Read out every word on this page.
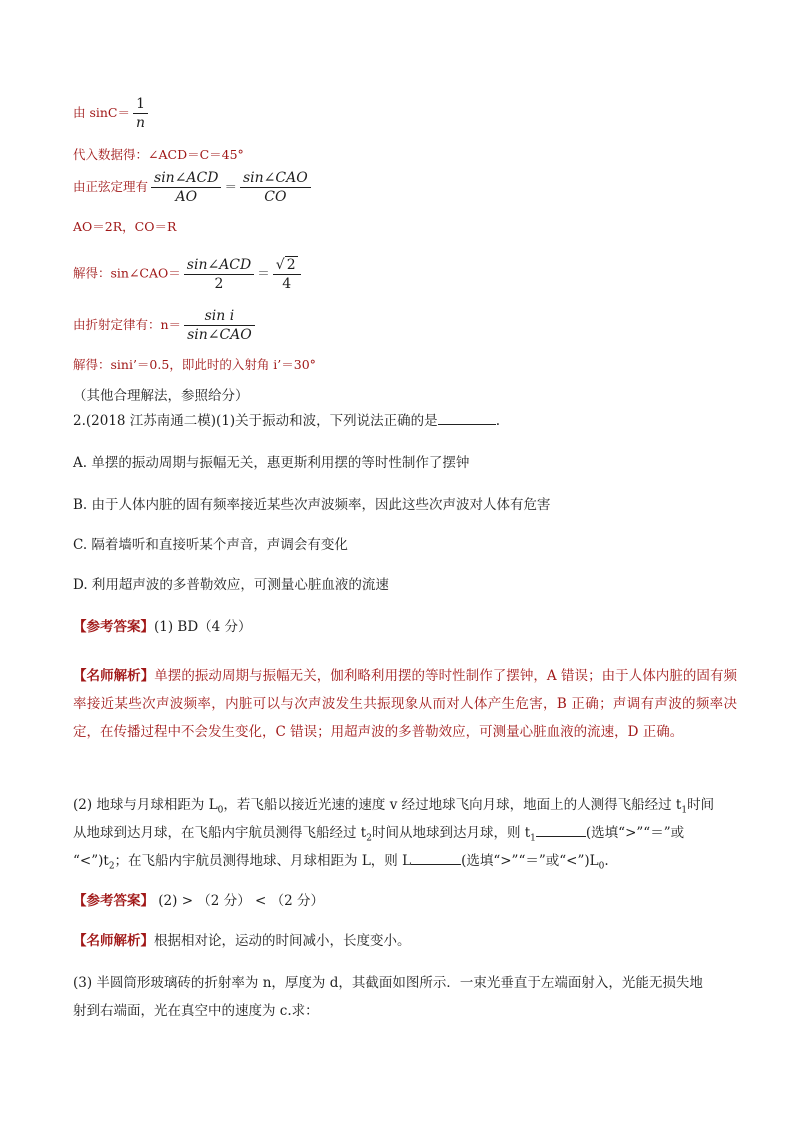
由 $\sin C= \frac{1}{n}$
代入数据得：∠ACD＝C＝45°
由正弦定理有 $\frac{\text{sin∠ACD}}{AO} = \frac{\text{sin∠CAO}}{CO}$
AO＝2R，CO＝R
解得：sin∠CAO＝ $\frac{\text{sin∠ACD}}{2} = \frac{√ 2}{4}$
由折射定律有：$n= \frac{\text{sin i}}{\text{sin∠CAO}}$
解得：sini’＝0.5，即此时的入射角 i’＝30°
（其他合理解法，参照给分）
2.(2018 江苏南通二模)(1)关于振动和波，下列说法正确的是	.
A. 单摆的振动周期与振幅无关，惠更斯利用摆的等时性制作了摆钟
B. 由于人体内脏的固有频率接近某些次声波频率，因此这些次声波对人体有危害
C. 隔着墙听和直接听某个声音，声调会有变化
D. 利用超声波的多普勒效应，可测量心脏血液的流速
【参考答案】(1) BD（4 分）
【名师解析】单摆的振动周期与振幅无关，伽利略利用摆的等时性制作了摆钟，A 错误；由于人体内脏的固有频率接近某些次声波频率，内脏可以与次声波发生共振现象从而对人体产生危害，B 正确；声调有声波的频率决定，在传播过程中不会发生变化，C 错误；用超声波的多普勒效应，可测量心脏血液的流速，D 正确。
(2) 地球与月球相距为 $L_0$，若飞船以接近光速的速度 v 经过地球飞向月球，地面上的人测得飞船经过 $t_1$时间
从地球到达月球，在飞船内宇航员测得飞船经过 $t_2$时间从地球到达月球，则 $t_1$	(选填“>”“＝”或
“$<”)t_2$；在飞船内宇航员测得地球、月球相距为 L，则 L	(选填“>”“＝”或“$<”)L_0$.
【参考答案】 (2) > （2 分） < （2 分）
【名师解析】根据相对论，运动的时间减小，长度变小。
(3) 半圆筒形玻璃砖的折射率为 n，厚度为 d，其截面如图所示．一束光垂直于左端面射入，光能无损失地
射到右端面，光在真空中的速度为 c.求：
